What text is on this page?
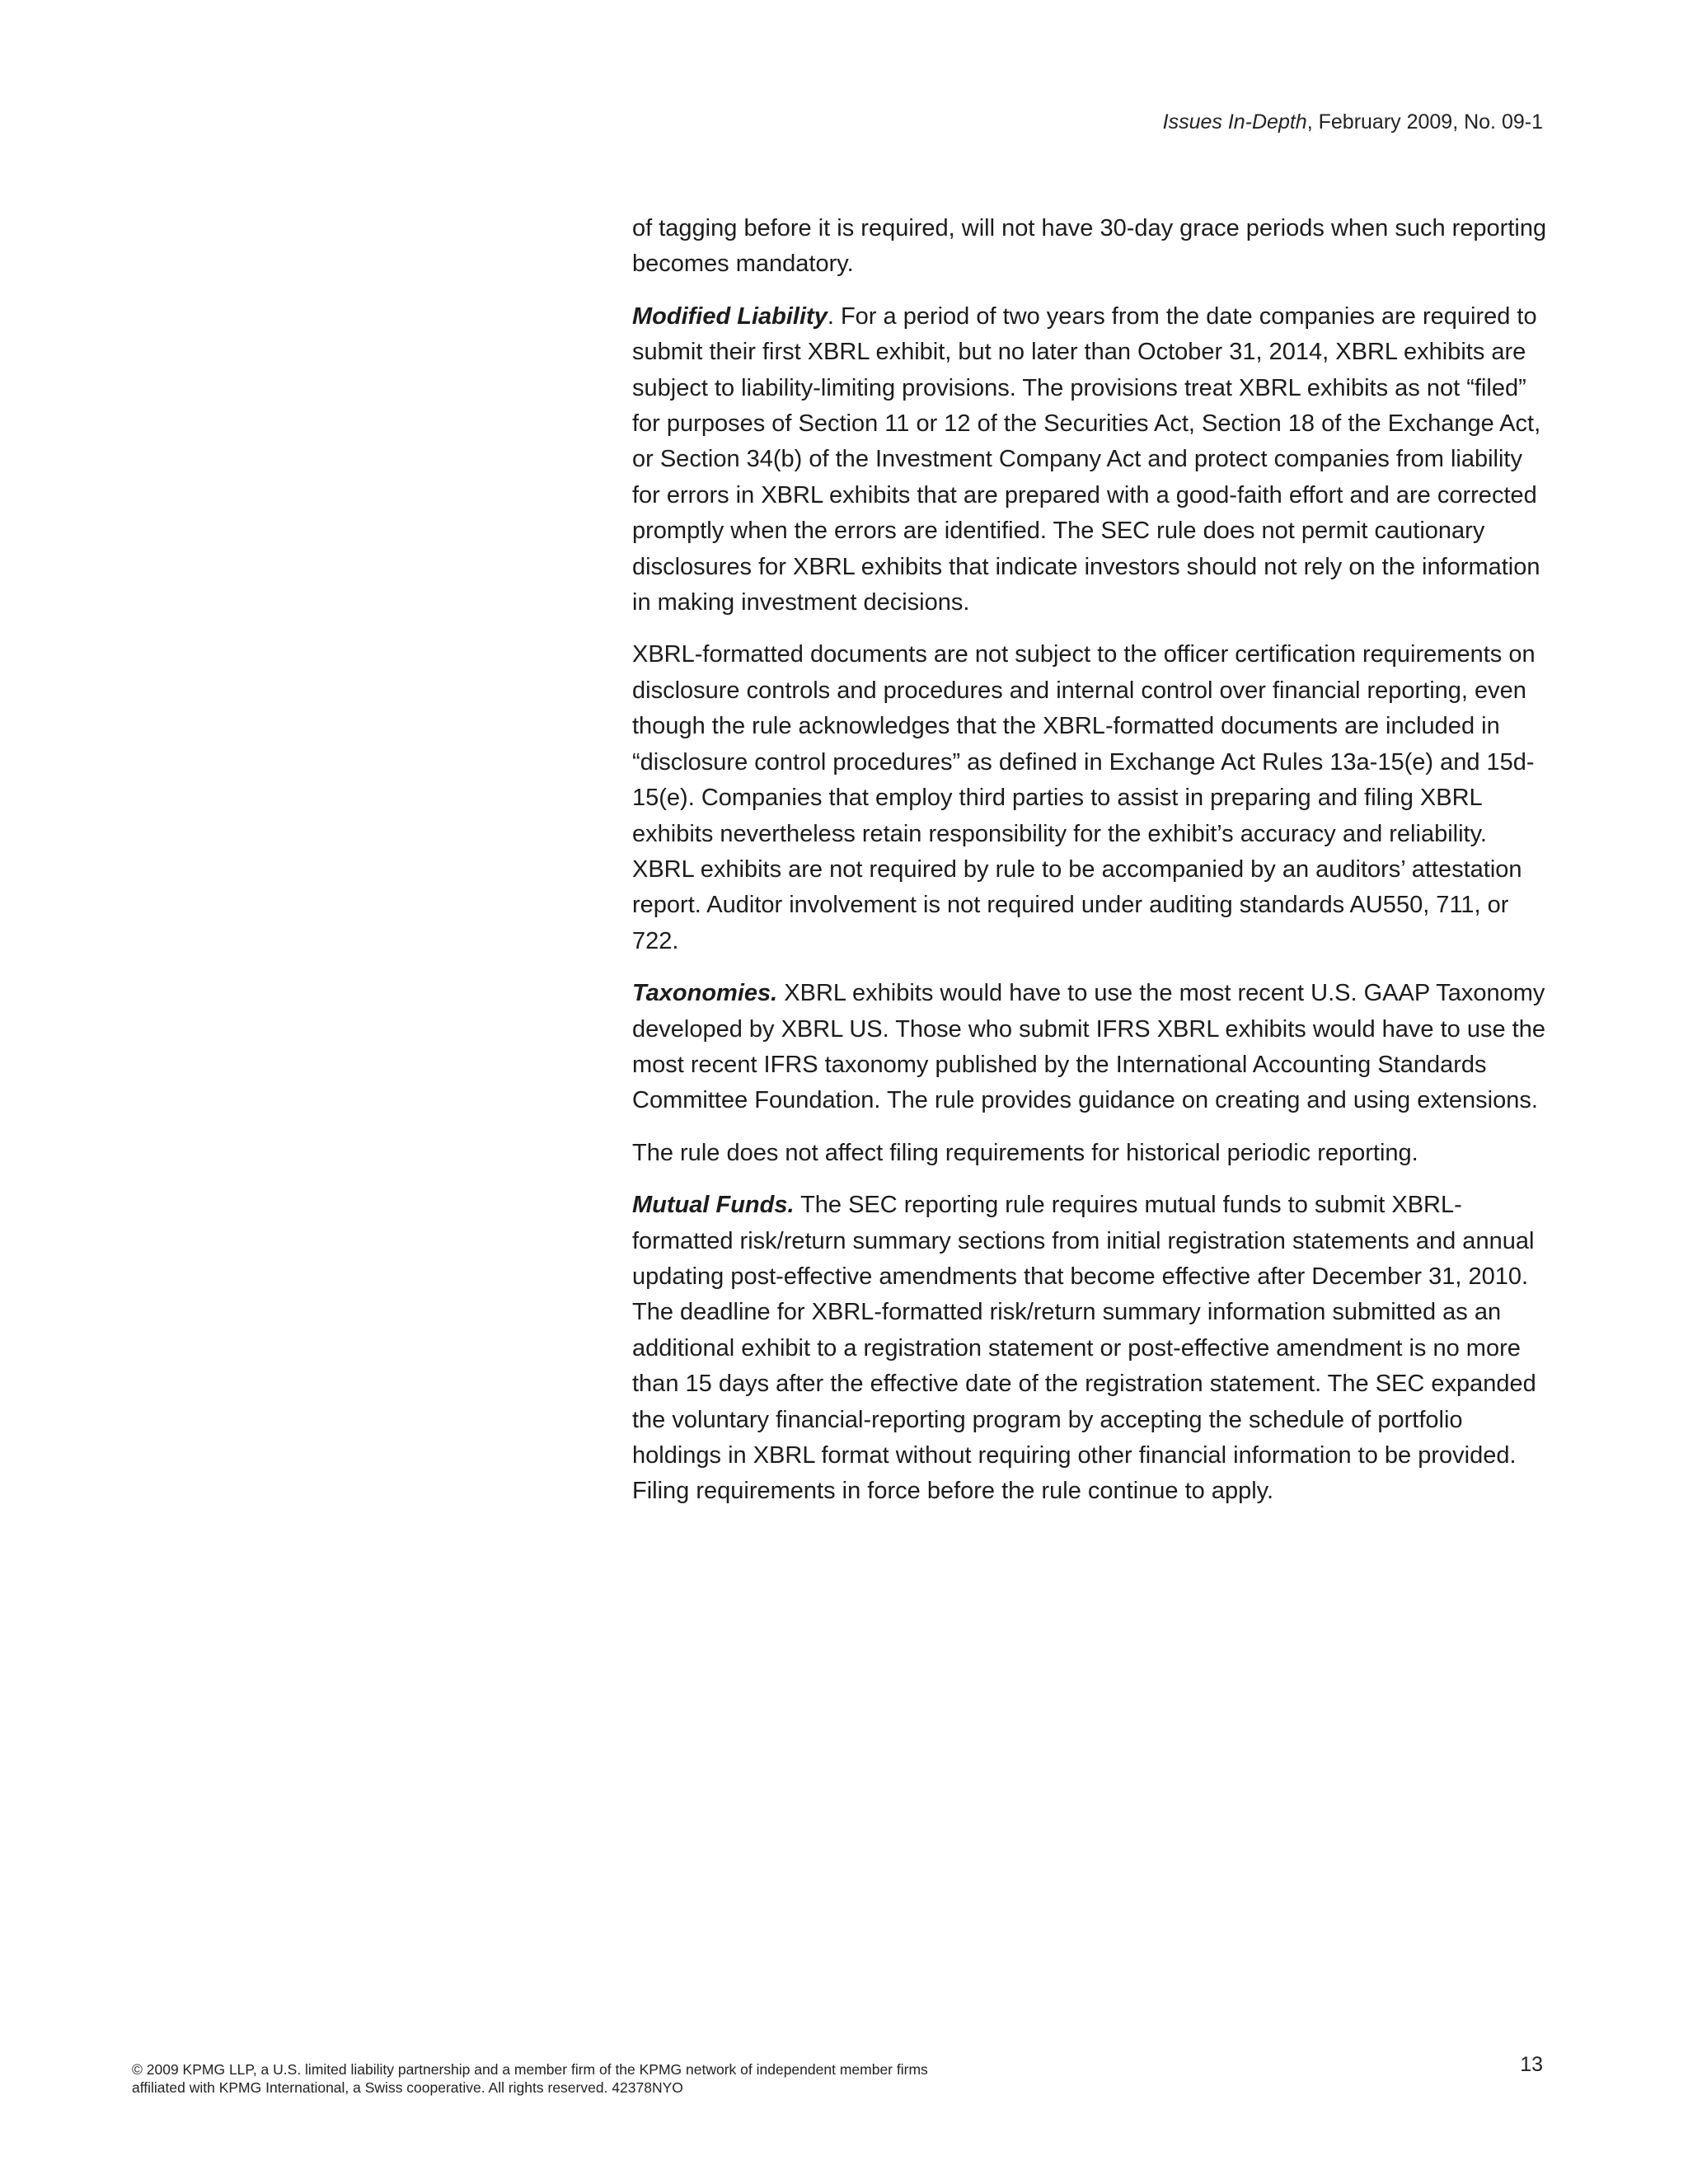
Issues In-Depth, February 2009, No. 09-1

of tagging before it is required, will not have 30-day grace periods when such reporting becomes mandatory.

Modified Liability. For a period of two years from the date companies are required to submit their first XBRL exhibit, but no later than October 31, 2014, XBRL exhibits are subject to liability-limiting provisions. The provisions treat XBRL exhibits as not “filed” for purposes of Section 11 or 12 of the Securities Act, Section 18 of the Exchange Act, or Section 34(b) of the Investment Company Act and protect companies from liability for errors in XBRL exhibits that are prepared with a good-faith effort and are corrected promptly when the errors are identified. The SEC rule does not permit cautionary disclosures for XBRL exhibits that indicate investors should not rely on the information in making investment decisions.

XBRL-formatted documents are not subject to the officer certification requirements on disclosure controls and procedures and internal control over financial reporting, even though the rule acknowledges that the XBRL-formatted documents are included in “disclosure control procedures” as defined in Exchange Act Rules 13a-15(e) and 15d-15(e). Companies that employ third parties to assist in preparing and filing XBRL exhibits nevertheless retain responsibility for the exhibit’s accuracy and reliability. XBRL exhibits are not required by rule to be accompanied by an auditors’ attestation report. Auditor involvement is not required under auditing standards AU550, 711, or 722.

Taxonomies. XBRL exhibits would have to use the most recent U.S. GAAP Taxonomy developed by XBRL US. Those who submit IFRS XBRL exhibits would have to use the most recent IFRS taxonomy published by the International Accounting Standards Committee Foundation. The rule provides guidance on creating and using extensions.

The rule does not affect filing requirements for historical periodic reporting.

Mutual Funds. The SEC reporting rule requires mutual funds to submit XBRL-formatted risk/return summary sections from initial registration statements and annual updating post-effective amendments that become effective after December 31, 2010. The deadline for XBRL-formatted risk/return summary information submitted as an additional exhibit to a registration statement or post-effective amendment is no more than 15 days after the effective date of the registration statement. The SEC expanded the voluntary financial-reporting program by accepting the schedule of portfolio holdings in XBRL format without requiring other financial information to be provided. Filing requirements in force before the rule continue to apply.

© 2009 KPMG LLP, a U.S. limited liability partnership and a member firm of the KPMG network of independent member firms
affiliated with KPMG International, a Swiss cooperative. All rights reserved. 42378NYO
13
